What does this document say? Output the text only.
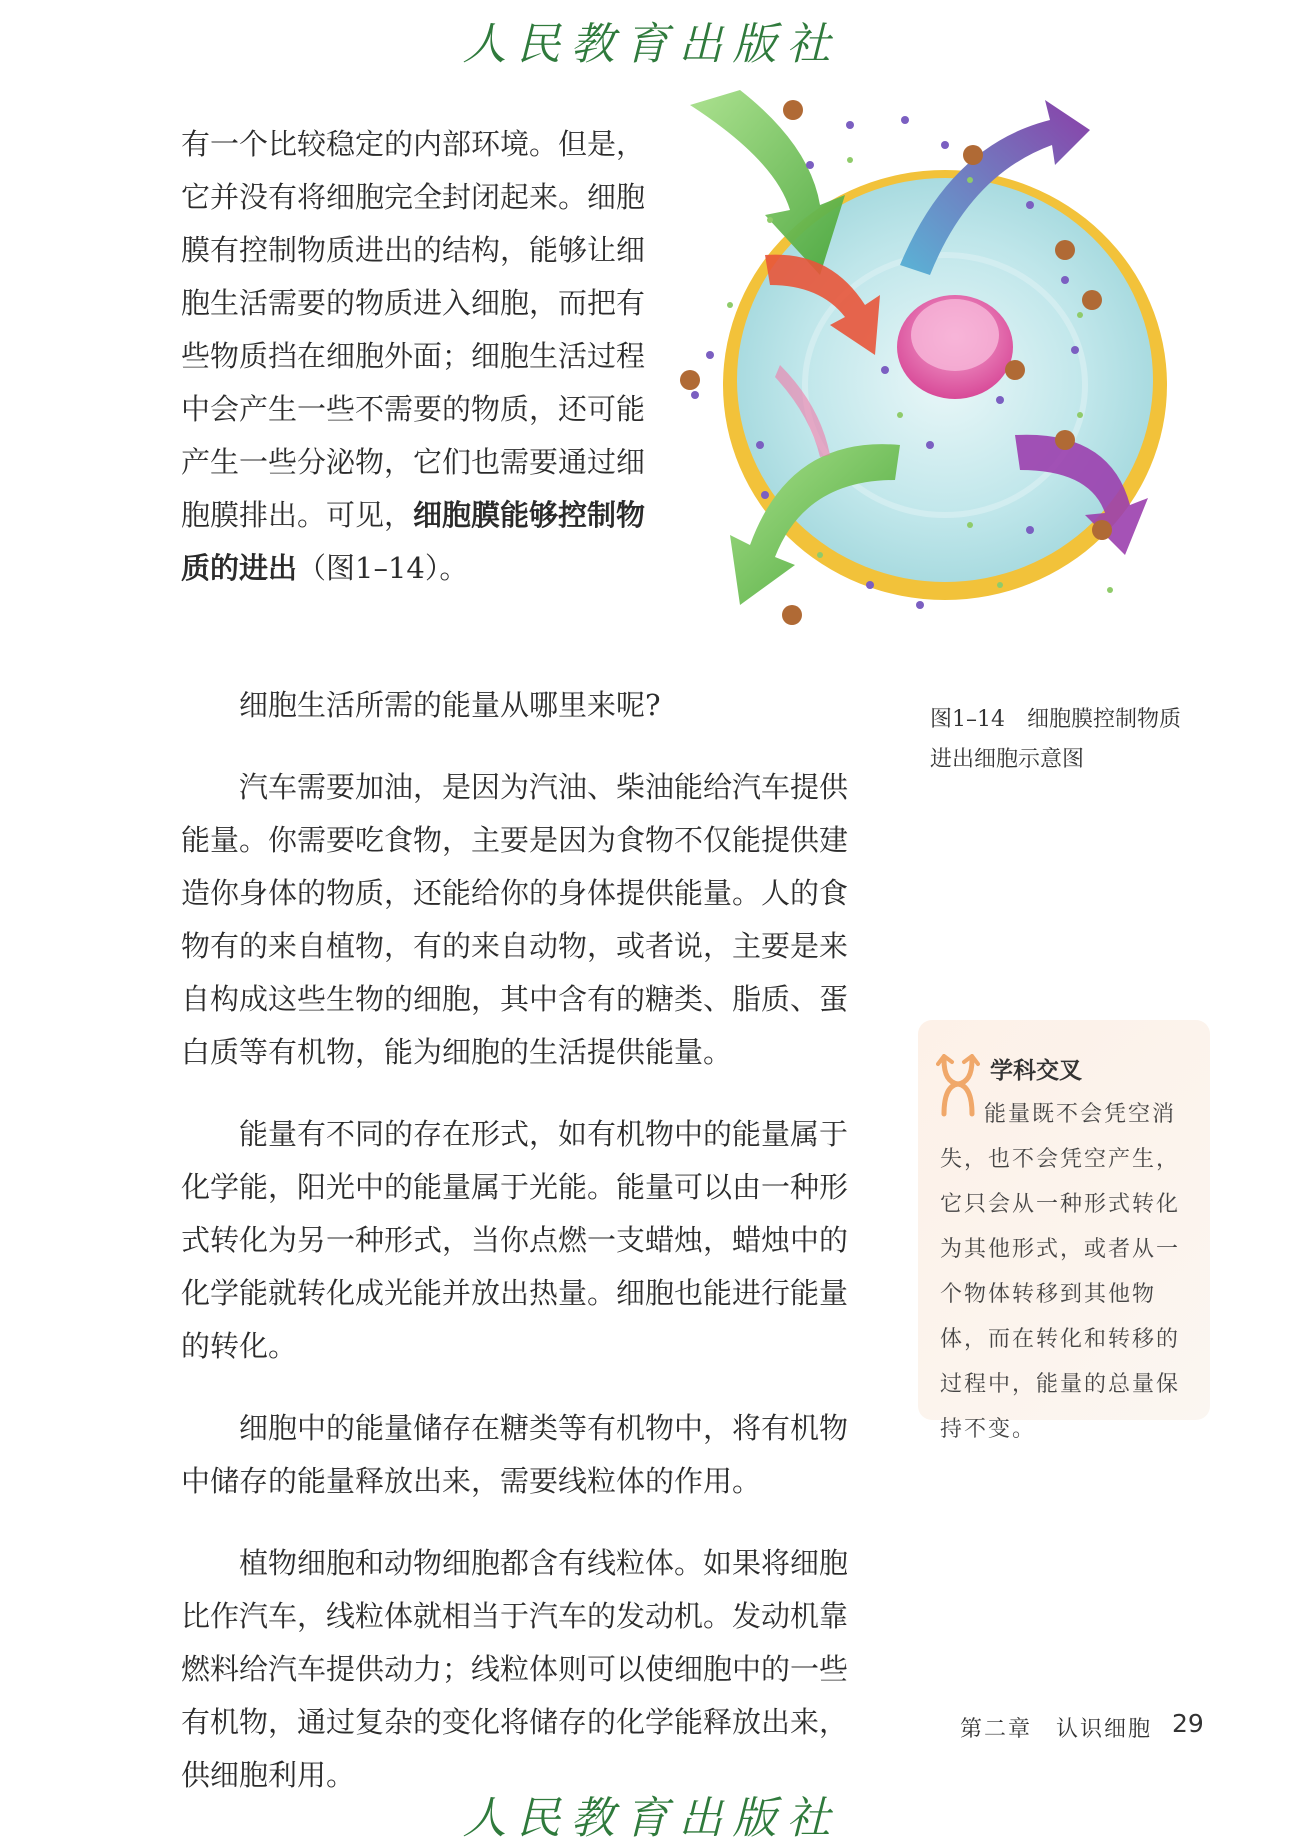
人民教育出版社

有一个比较稳定的内部环境。但是，它并没有将细胞完全封闭起来。细胞膜有控制物质进出的结构，能够让细胞生活需要的物质进入细胞，而把有些物质挡在细胞外面；细胞生活过程中会产生一些不需要的物质，还可能产生一些分泌物，它们也需要通过细胞膜排出。可见，细胞膜能够控制物质的进出（图1–14）。

细胞生活所需的能量从哪里来呢?

汽车需要加油，是因为汽油、柴油能给汽车提供能量。你需要吃食物，主要是因为食物不仅能提供建造你身体的物质，还能给你的身体提供能量。人的食物有的来自植物，有的来自动物，或者说，主要是来自构成这些生物的细胞，其中含有的糖类、脂质、蛋白质等有机物，能为细胞的生活提供能量。

能量有不同的存在形式，如有机物中的能量属于化学能，阳光中的能量属于光能。能量可以由一种形式转化为另一种形式，当你点燃一支蜡烛，蜡烛中的化学能就转化成光能并放出热量。细胞也能进行能量的转化。

细胞中的能量储存在糖类等有机物中，将有机物中储存的能量释放出来，需要线粒体的作用。

植物细胞和动物细胞都含有线粒体。如果将细胞比作汽车，线粒体就相当于汽车的发动机。发动机靠燃料给汽车提供动力；线粒体则可以使细胞中的一些有机物，通过复杂的变化将储存的化学能释放出来，供细胞利用。

图1–14　细胞膜控制物质进出细胞示意图
学科交叉
能量既不会凭空消失，也不会凭空产生，它只会从一种形式转化为其他形式，或者从一个物体转移到其他物体，而在转化和转移的过程中，能量的总量保持不变。
第二章　认识细胞 29
人民教育出版社
